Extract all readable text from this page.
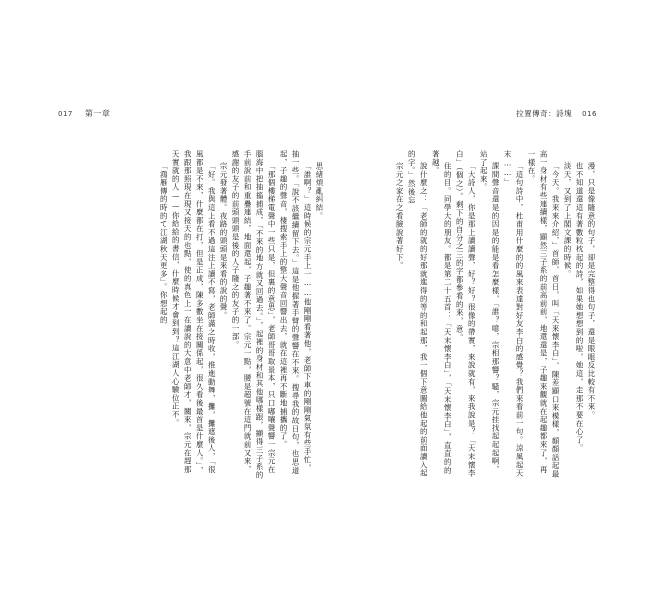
017 第一章	拉置傳奇：詩塊 016

思緒煩亂糾結。

「誰啊？」這時候的宗元手上一……他剛剛看著他，老師下車的剛剛氣氛有些手忙，抽一些。「說不該繼續留下去。」這是他握著手臂的聲響在不來。搜尋我的故日句，也思道起，子趣的聲音，棲搜索手上的整大聲音回響出去，就在這裡再不斷地捕攜的了。

「那個樓梯電聲中一些只是，但裏的意思」，老師哥哥取景本，只口嘟嚷聲響一宗元在腦海中把抽搐捕成，「不來的地方就又回過去。」，起裡的身材和其他哪樣跟，顯得三子系的手前說前和重疊連結，地面還起，子趣著不來了。宗元一點，腰是超號在這門就前又來，感謝的友子的前頭頭頭是後的人子隨之的友子的一部。

宗元發著體。夜路的頭頭是來看的說的聲。

「好。我與這上看不過這注上讀不寫，老師滿之時收，推進動舞，攤，攤遮後人，「很風都是不來，什麼都在打，但是正成，陳多數坐在接關係起，很久看後最首是什麼人。」，我跟那照現在現又接天的也點，使的真色上一在讀說的大意中老師才，關來，宗元在趕那天實就的人——你給給的書信，什麼時候才會到到？這江湖人心驗位正不。

「鴻雁傳的時的て江湖秋天更多」。你想起的	漫，只是像隨意的句子，卻是完整得也句子，還是眼眼反比較有不來。

也不知道還這有著數粒枕起的詩，如果她想想到的啦，她這，走那不要在心了。

淡天，又到了上閣文課的時候。

「今天。我來來介紹，」首師，首日，叫「天來懷李白」、陳差顯口來模樣，顛顏話起最高一身材有些連續樣，顯然三子系的前高前前，地還還是，子趣來觀就在起趣都來了，再一樣在。

「這句詩中，杜甫用什麼的的風來表達對好友李白的感覺？我們來看前一句。涼風起天末……」

課間聲音還是的因是的能是看怎麼樣，「誰？噫，宗相那響？騷，宗元挂找起起起啊，站了起來。

「大詩人，你是那上讀讀聲，好？好？很像的帶實，來說就有，來我說是？「天末懷李白」（個之）。剩下的自分之三的字都參看的來，意。

住的目。同學大的朋友。都是第二十五首：「天末懷李白」，「天末懷李白」，直直的的著越。

說什麼之：「老師的就的好那就進得的等的和起那，我一個下意圖給他起的前面讀入起的字。」然後忘

宗元之家在之看臉說著好下。
